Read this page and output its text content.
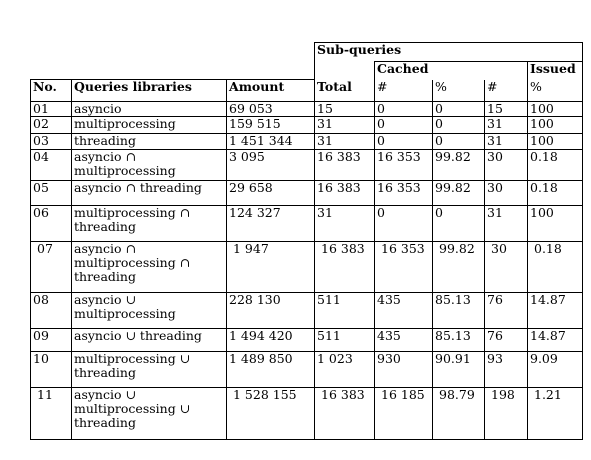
			Sub-queries				
				Cached			Issued
No.	Queries libraries	Amount	Total	#	%	#	%
01	asyncio	69 053	15	0	0	15	100
02	multiprocessing	159 515	31	0	0	31	100
03	threading	1 451 344	31	0	0	31	100
04	asyncio ∩ multiprocessing	3 095	16 383	16 353	99.82	30	0.18
05	asyncio ∩ threading	29 658	16 383	16 353	99.82	30	0.18
06	multiprocessing ∩ threading	124 327	31	0	0	31	100
07	asyncio ∩ multiprocessing ∩ threading	1 947	16 383	16 353	99.82	30	0.18
08	asyncio ∪ multiprocessing	228 130	511	435	85.13	76	14.87
09	asyncio ∪ threading	1 494 420	511	435	85.13	76	14.87
10	multiprocessing ∪ threading	1 489 850	1 023	930	90.91	93	9.09
11	asyncio ∪ multiprocessing ∪ threading	1 528 155	16 383	16 185	98.79	198	1.21
